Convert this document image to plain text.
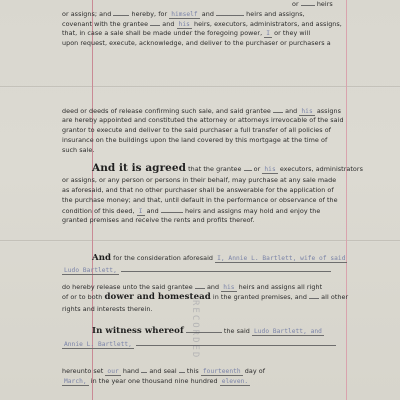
or	heirs
or assigns; and	hereby, for himself and	heirs and assigns,
covenant with the grantee and his heirs, executors, administrators, and assigns,
that, in case a sale shall be made under the foregoing power, I or they will
upon request, execute, acknowledge, and deliver to the purchaser or purchasers a
deed or deeds of release confirming such sale, and said grantee and his assigns
are hereby appointed and constituted the attorney or attorneys irrevocable of the said
grantor to execute and deliver to the said purchaser a full transfer of all policies of
insurance on the buildings upon the land covered by this mortgage at the time of
such sale.
And it is agreed that the grantee or his executors, administrators
or assigns, or any person or persons in their behalf, may purchase at any sale made
as aforesaid, and that no other purchaser shall be answerable for the application of
the purchase money; and that, until default in the performance or observance of the
condition of this deed, I and	heirs and assigns may hold and enjoy the
granted premises and receive the rents and profits thereof.
And for the consideration aforesaid I, Annie L. Bartlett, wife of said
Ludo Bartlett,
do hereby release unto the said grantee and his heirs and assigns all right
of or to both dower and homestead in the granted premises, and all other
rights and interests therein.
In witness whereof	the said Ludo Bartlett, and
Annie L. Bartlett,
hereunto set our hand and seal this fourteenth day of
March, in the year one thousand nine hundred eleven.
RECORDED
